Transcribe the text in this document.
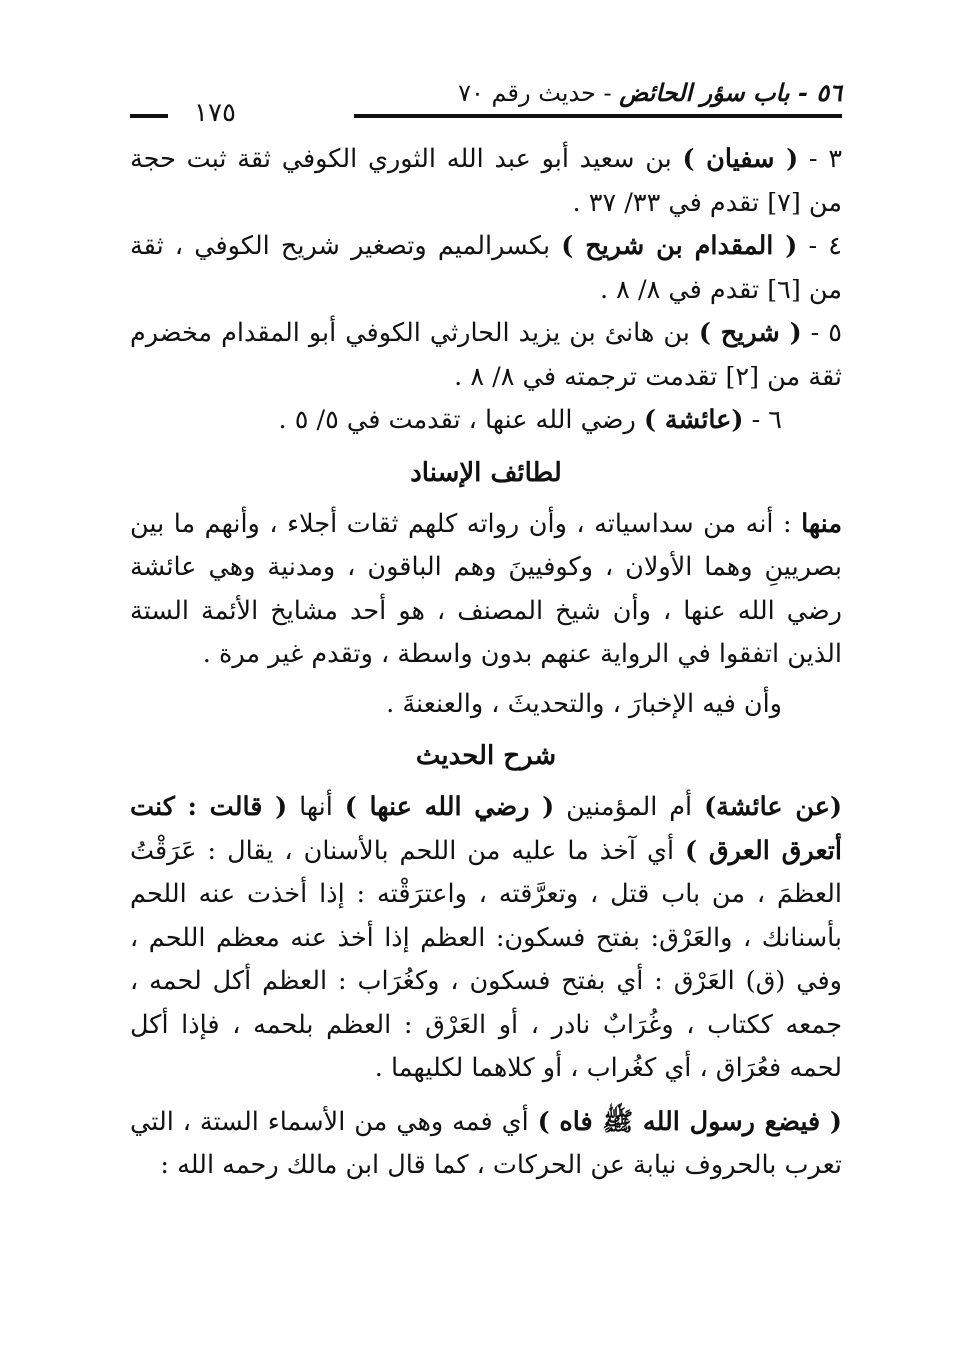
٥٦ - باب سؤر الحائض - حديث رقم ٧٠
١٧٥

٣ - ( سفيان ) بن سعيد أبو عبد الله الثوري الكوفي ثقة ثبت حجة من [٧] تقدم في ٣٣/ ٣٧ .

٤ - ( المقدام بن شريح ) بكسرالميم وتصغير شريح الكوفي ، ثقة من [٦] تقدم في ٨/ ٨ .

٥ - ( شريح ) بن هانئ بن يزيد الحارثي الكوفي أبو المقدام مخضرم ثقة من [٢] تقدمت ترجمته في ٨/ ٨ .

٦ - (عائشة ) رضي الله عنها ، تقدمت في ٥/ ٥ .

لطائف الإسناد

منها : أنه من سداسياته ، وأن رواته كلهم ثقات أجلاء ، وأنهم ما بين بصريينِ وهما الأولان ، وكوفيينَ وهم الباقون ، ومدنية وهي عائشة رضي الله عنها ، وأن شيخ المصنف ، هو أحد مشايخ الأئمة الستة الذين اتفقوا في الرواية عنهم بدون واسطة ، وتقدم غير مرة .

وأن فيه الإخبارَ ، والتحديثَ ، والعنعنةَ .

شرح الحديث

(عن عائشة) أم المؤمنين ( رضي الله عنها ) أنها ( قالت : كنت أتعرق العرق ) أي آخذ ما عليه من اللحم بالأسنان ، يقال : عَرَقْتُ العظمَ ، من باب قتل ، وتعرَّقته ، واعترَقْته : إذا أخذت عنه اللحم بأسنانك ، والعَرْق: بفتح فسكون: العظم إذا أخذ عنه معظم اللحم ، وفي (ق) العَرْق : أي بفتح فسكون ، وكغُرَاب : العظم أكل لحمه ، جمعه ككتاب ، وغُرَابٌ نادر ، أو العَرْق : العظم بلحمه ، فإذا أكل لحمه فعُرَاق ، أي كغُراب ، أو كلاهما لكليهما .

( فيضع رسول الله ﷺ فاه ) أي فمه وهي من الأسماء الستة ، التي تعرب بالحروف نيابة عن الحركات ، كما قال ابن مالك رحمه الله :
